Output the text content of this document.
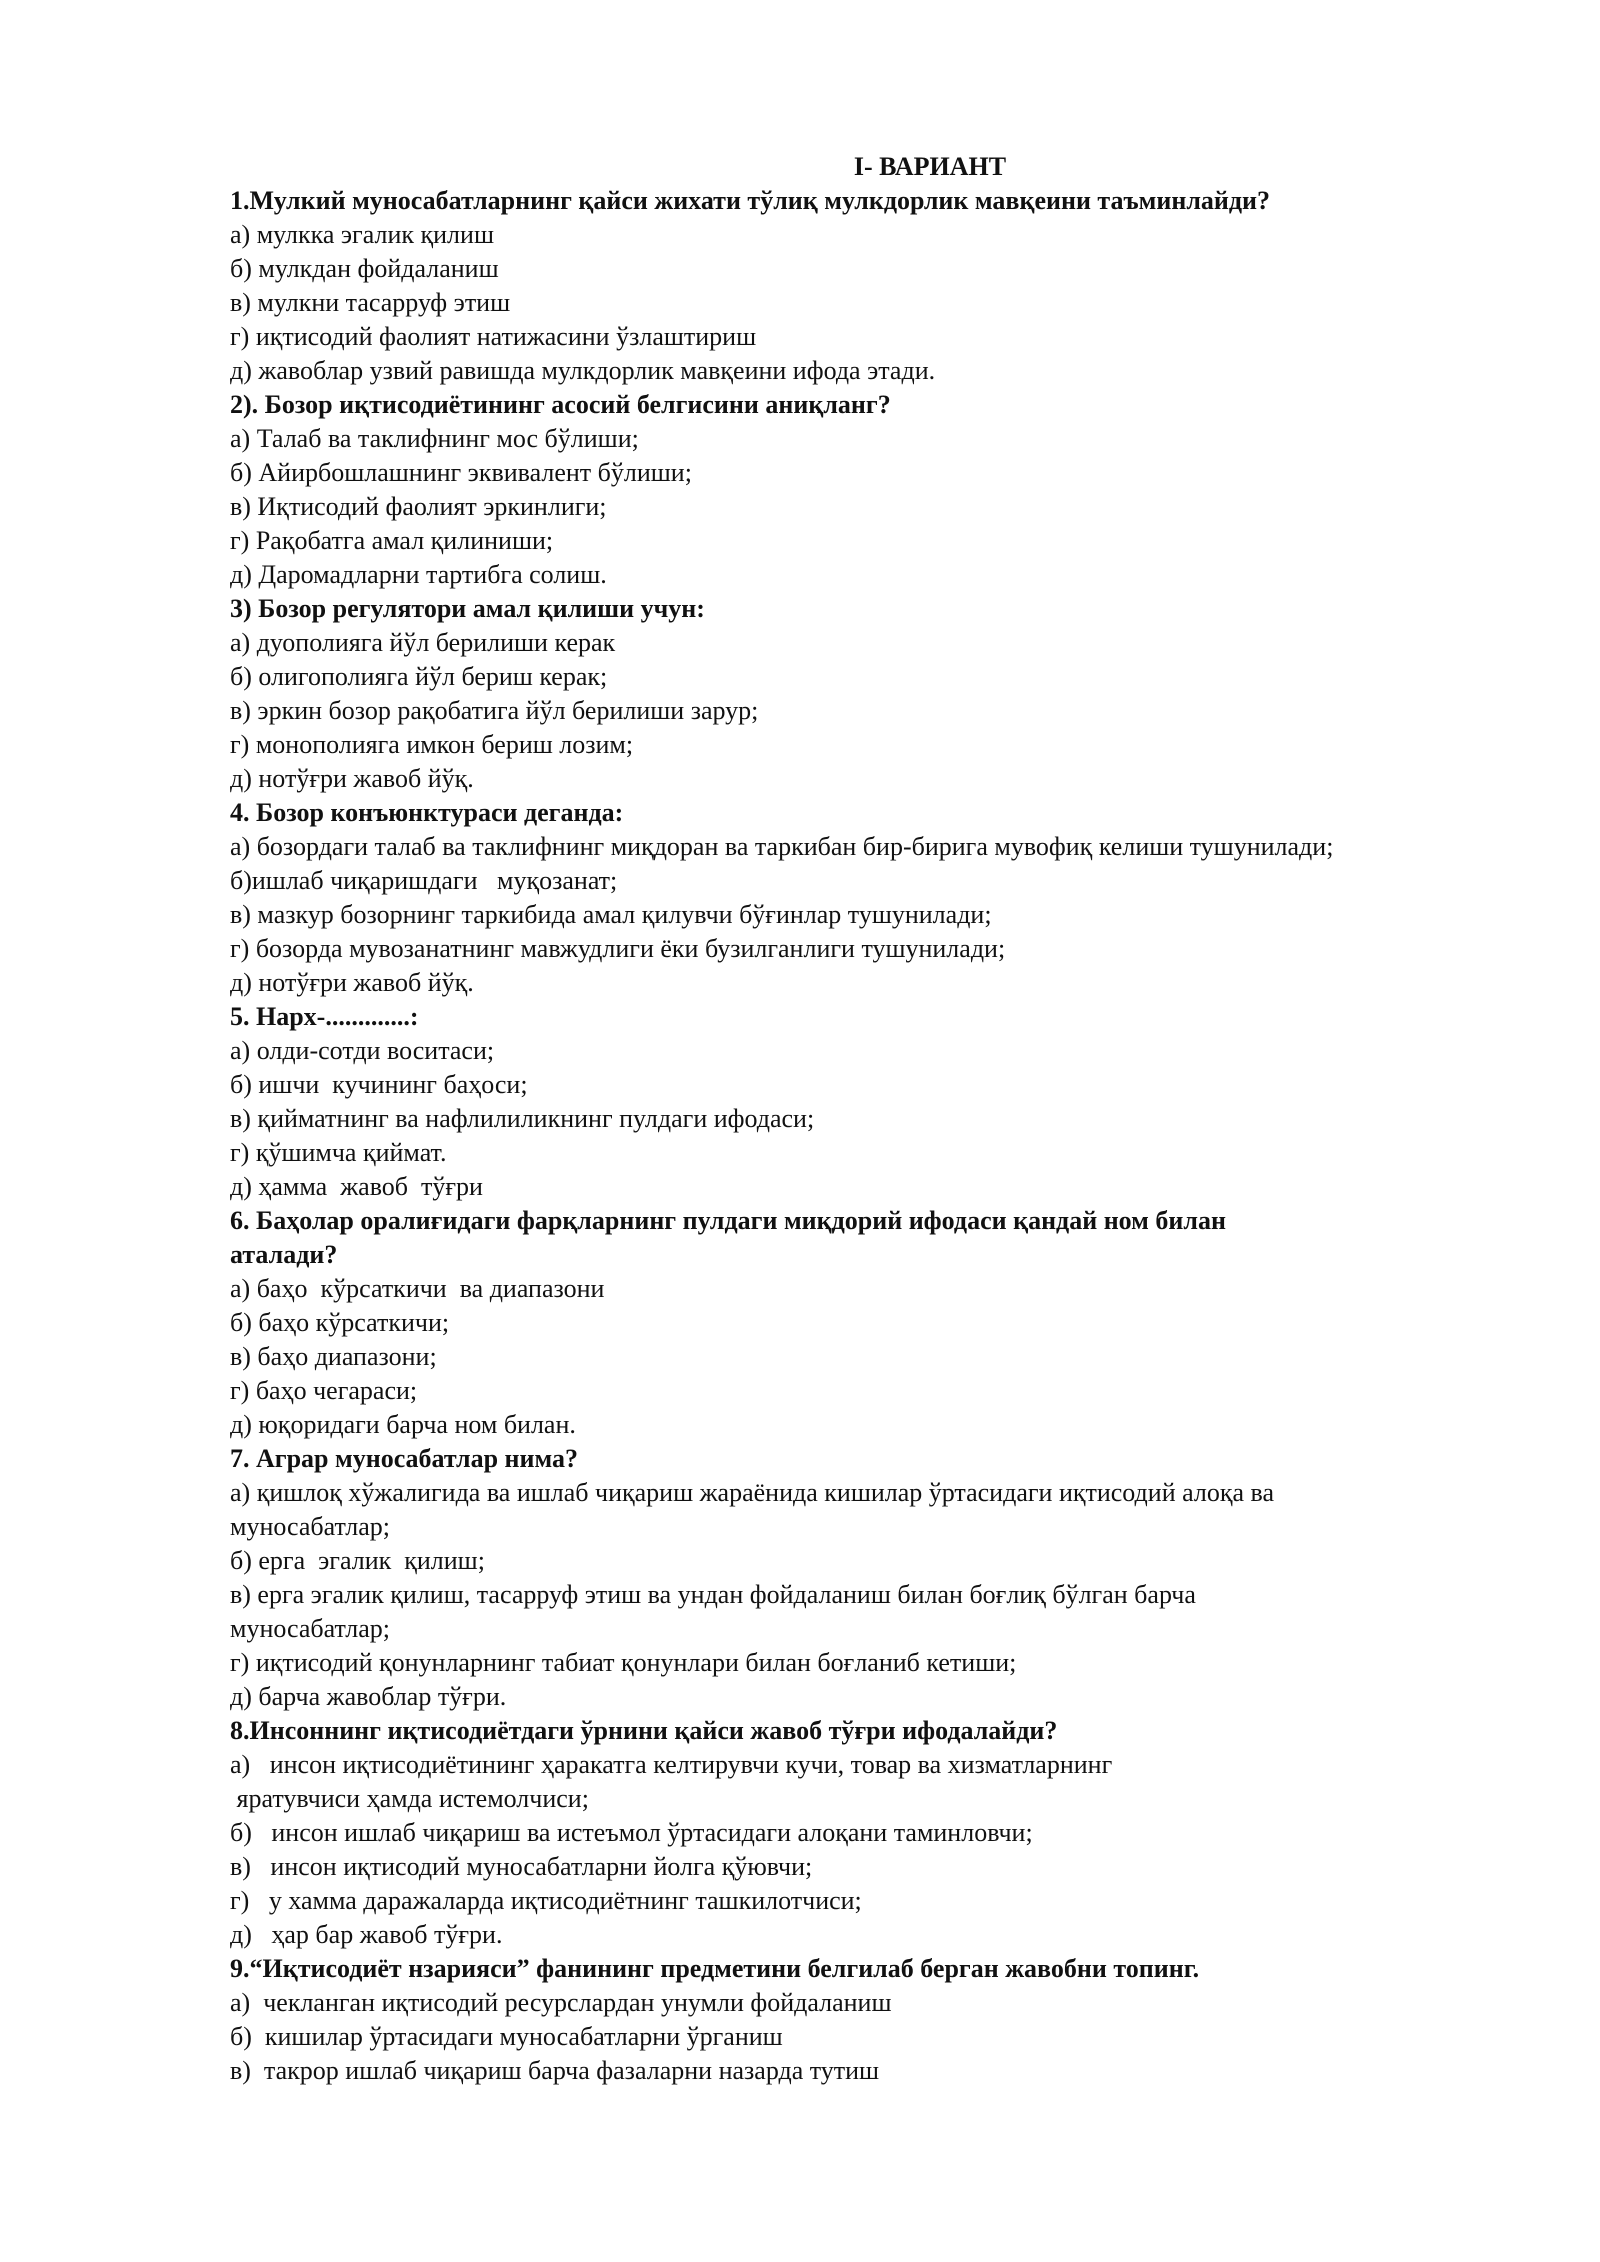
I- ВАРИАНТ
1.Мулкий муносабатларнинг қайси жихати тўлиқ мулкдорлик мавқеини таъминлайди?
а) мулкка эгалик қилиш
б) мулкдан фойдаланиш
в) мулкни тасарруф этиш
г) иқтисодий фаолият натижасини ўзлаштириш
д) жавоблар узвий равишда мулкдорлик мавқеини ифода этади.
2). Бозор иқтисодиётининг асосий белгисини аниқланг?
а) Талаб ва таклифнинг мос бўлиши;
б) Айирбошлашнинг эквивалент бўлиши;
в) Иқтисодий фаолият эркинлиги;
г) Рақобатга амал қилиниши;
д) Даромадларни тартибга солиш.
3) Бозор регулятори амал қилиши учун:
а) дуополияга йўл берилиши керак
б) олигополияга йўл бериш керак;
в) эркин бозор рақобатига йўл берилиши зарур;
г) монополияга имкон бериш лозим;
д) нотўғри жавоб йўқ.
4. Бозор конъюнктураси деганда:
а) бозордаги талаб ва таклифнинг миқдоран ва таркибан бир-бирига мувофиқ келиши тушунилади;
б)ишлаб чиқаришдаги   муқозанат;
в) мазкур бозорнинг таркибида амал қилувчи бўғинлар тушунилади;
г) бозорда мувозанатнинг мавжудлиги ёки бузилганлиги тушунилади;
д) нотўғри жавоб йўқ.
5. Нарх-.............:
а) олди-сотди воситаси;
б) ишчи  кучининг баҳоси;
в) қийматнинг ва нафлилиликнинг пулдаги ифодаси;
г) қўшимча қиймат.
д) ҳамма  жавоб  тўғри
6. Баҳолар оралиғидаги фарқларнинг пулдаги миқдорий ифодаси қандай ном билан
аталади?
а) баҳо  кўрсаткичи  ва диапазони
б) баҳо кўрсаткичи;
в) баҳо диапазони;
г) баҳо чегараси;
д) юқоридаги барча ном билан.
7. Аграр муносабатлар нима?
а) қишлоқ хўжалигида ва ишлаб чиқариш жараёнида кишилар ўртасидаги иқтисодий алоқа ва
муносабатлар;
б) ерга  эгалик  қилиш;
в) ерга эгалик қилиш, тасарруф этиш ва ундан фойдаланиш билан боғлиқ бўлган барча
муносабатлар;
г) иқтисодий қонунларнинг табиат қонунлари билан боғланиб кетиши;
д) барча жавоблар тўғри.
8.Инсоннинг иқтисодиётдаги ўрнини қайси жавоб тўғри ифодалайди?
а)   инсон иқтисодиётининг ҳаракатга келтирувчи кучи, товар ва хизматларнинг
яратувчиси ҳамда истемолчиси;
б)   инсон ишлаб чиқариш ва истеъмол ўртасидаги алоқани таминловчи;
в)   инсон иқтисодий муносабатларни йолга қўювчи;
г)   у хамма даражаларда иқтисодиётнинг ташкилотчиси;
д)   ҳар бар жавоб тўғри.
9.“Иқтисодиёт нзарияси” фанининг предметини белгилаб берган жавобни топинг.
а)  чекланган иқтисодий ресурслардан унумли фойдаланиш
б)  кишилар ўртасидаги муносабатларни ўрганиш
в)  такрор ишлаб чиқариш барча фазаларни назарда тутиш
